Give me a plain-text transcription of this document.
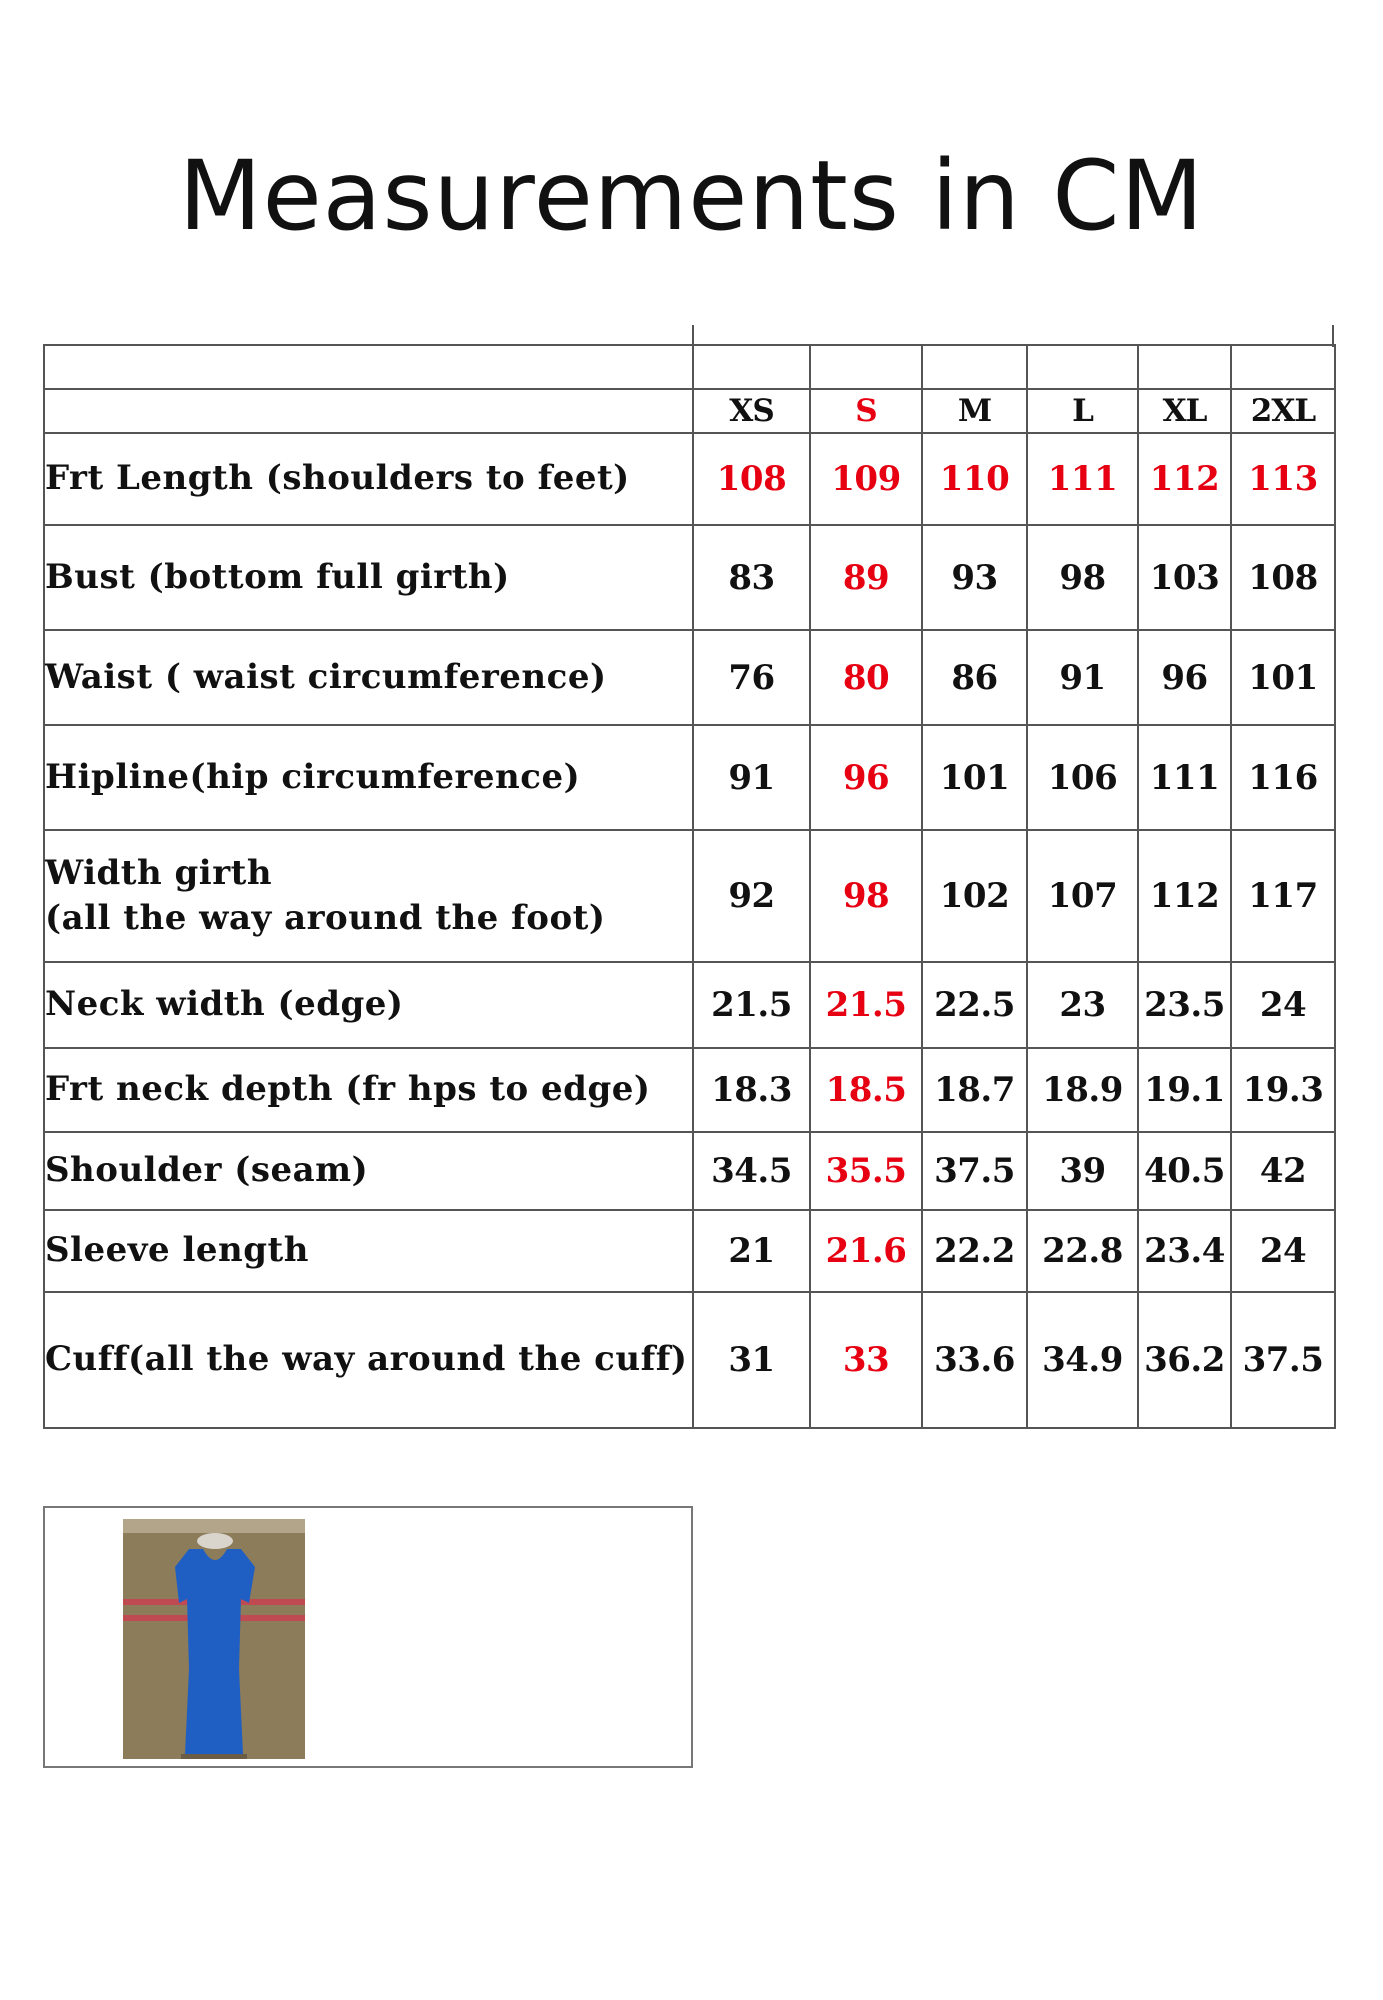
Measurements in CM

	XS	S	M	L	XL	2XL
Frt Length (shoulders to feet)	108	109	110	111	112	113
Bust (bottom full girth)	83	89	93	98	103	108
Waist ( waist circumference)	76	80	86	91	96	101
Hipline(hip circumference)	91	96	101	106	111	116
Width girth
(all the way around the foot)	92	98	102	107	112	117
Neck width (edge)	21.5	21.5	22.5	23	23.5	24
Frt neck depth (fr hps to edge)	18.3	18.5	18.7	18.9	19.1	19.3
Shoulder (seam)	34.5	35.5	37.5	39	40.5	42
Sleeve length	21	21.6	22.2	22.8	23.4	24
Cuff(all the way around the cuff)	31	33	33.6	34.9	36.2	37.5
